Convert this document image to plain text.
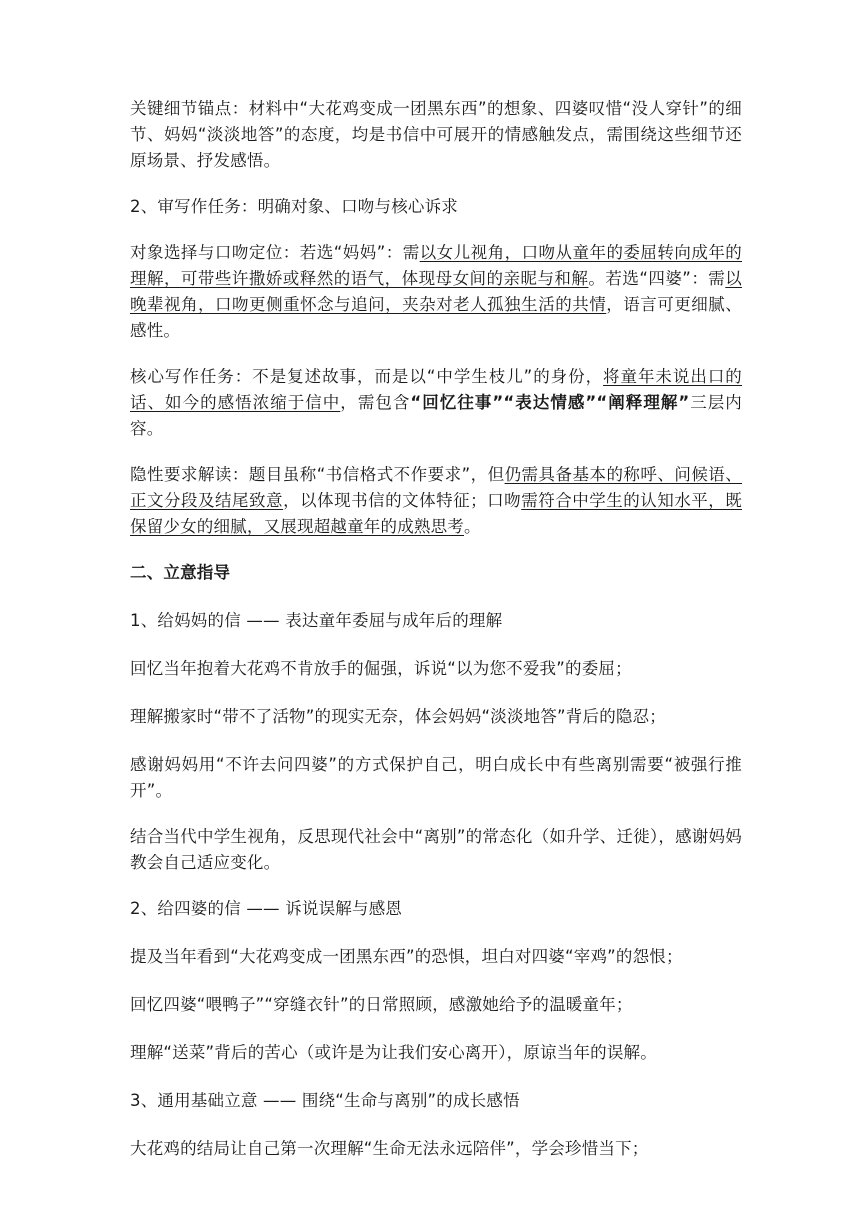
关键细节锚点：材料中“大花鸡变成一团黑东西”的想象、四婆叹惜“没人穿针”的细节、妈妈“淡淡地答”的态度，均是书信中可展开的情感触发点，需围绕这些细节还原场景、抒发感悟。

2、审写作任务：明确对象、口吻与核心诉求

对象选择与口吻定位：若选“妈妈”：需以女儿视角，口吻从童年的委屈转向成年的理解，可带些许撒娇或释然的语气，体现母女间的亲昵与和解。若选“四婆”：需以晚辈视角，口吻更侧重怀念与追问，夹杂对老人孤独生活的共情，语言可更细腻、感性。

核心写作任务：不是复述故事，而是以“中学生枝儿”的身份，将童年未说出口的话、如今的感悟浓缩于信中，需包含“回忆往事”“表达情感”“阐释理解”三层内容。

隐性要求解读：题目虽称“书信格式不作要求”，但仍需具备基本的称呼、问候语、正文分段及结尾致意，以体现书信的文体特征；口吻需符合中学生的认知水平，既保留少女的细腻，又展现超越童年的成熟思考。

二、立意指导

1、给妈妈的信 —— 表达童年委屈与成年后的理解

回忆当年抱着大花鸡不肯放手的倔强，诉说“以为您不爱我”的委屈；

理解搬家时“带不了活物”的现实无奈，体会妈妈“淡淡地答”背后的隐忍；

感谢妈妈用“不许去问四婆”的方式保护自己，明白成长中有些离别需要“被强行推开”。

结合当代中学生视角，反思现代社会中“离别”的常态化（如升学、迁徙），感谢妈妈教会自己适应变化。

2、给四婆的信 —— 诉说误解与感恩

提及当年看到“大花鸡变成一团黑东西”的恐惧，坦白对四婆“宰鸡”的怨恨；

回忆四婆“喂鸭子”“穿缝衣针”的日常照顾，感激她给予的温暖童年；

理解“送菜”背后的苦心（或许是为让我们安心离开），原谅当年的误解。

3、通用基础立意 —— 围绕“生命与离别”的成长感悟

大花鸡的结局让自己第一次理解“生命无法永远陪伴”，学会珍惜当下；
